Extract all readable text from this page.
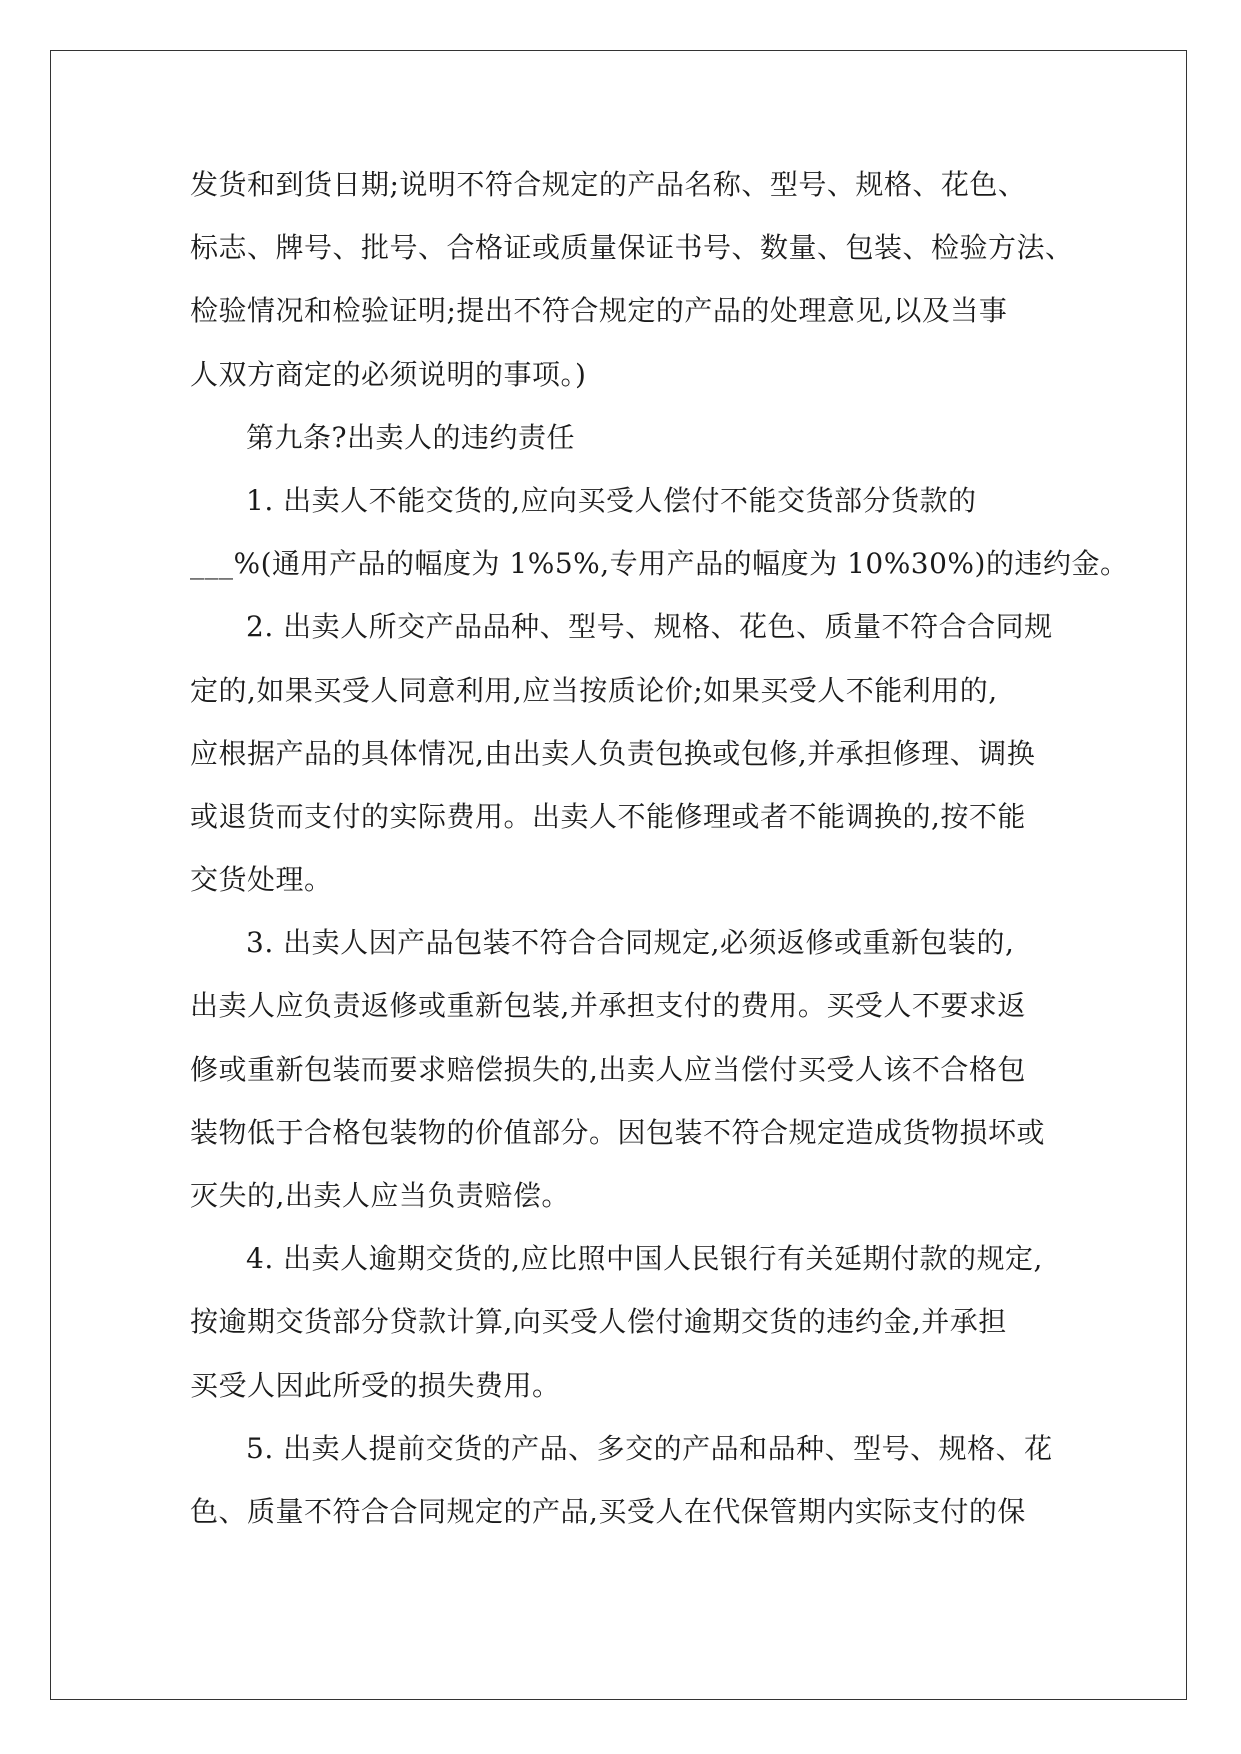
发货和到货日期;说明不符合规定的产品名称、型号、规格、花色、
标志、牌号、批号、合格证或质量保证书号、数量、包装、检验方法、
检验情况和检验证明;提出不符合规定的产品的处理意见,以及当事
人双方商定的必须说明的事项。)
第九条?出卖人的违约责任
1. 出卖人不能交货的,应向买受人偿付不能交货部分货款的
___%(通用产品的幅度为 1%5%,专用产品的幅度为 10%30%)的违约金。
2. 出卖人所交产品品种、型号、规格、花色、质量不符合合同规
定的,如果买受人同意利用,应当按质论价;如果买受人不能利用的,
应根据产品的具体情况,由出卖人负责包换或包修,并承担修理、调换
或退货而支付的实际费用。出卖人不能修理或者不能调换的,按不能
交货处理。
3. 出卖人因产品包装不符合合同规定,必须返修或重新包装的,
出卖人应负责返修或重新包装,并承担支付的费用。买受人不要求返
修或重新包装而要求赔偿损失的,出卖人应当偿付买受人该不合格包
装物低于合格包装物的价值部分。因包装不符合规定造成货物损坏或
灭失的,出卖人应当负责赔偿。
4. 出卖人逾期交货的,应比照中国人民银行有关延期付款的规定,
按逾期交货部分贷款计算,向买受人偿付逾期交货的违约金,并承担
买受人因此所受的损失费用。
5. 出卖人提前交货的产品、多交的产品和品种、型号、规格、花
色、质量不符合合同规定的产品,买受人在代保管期内实际支付的保
